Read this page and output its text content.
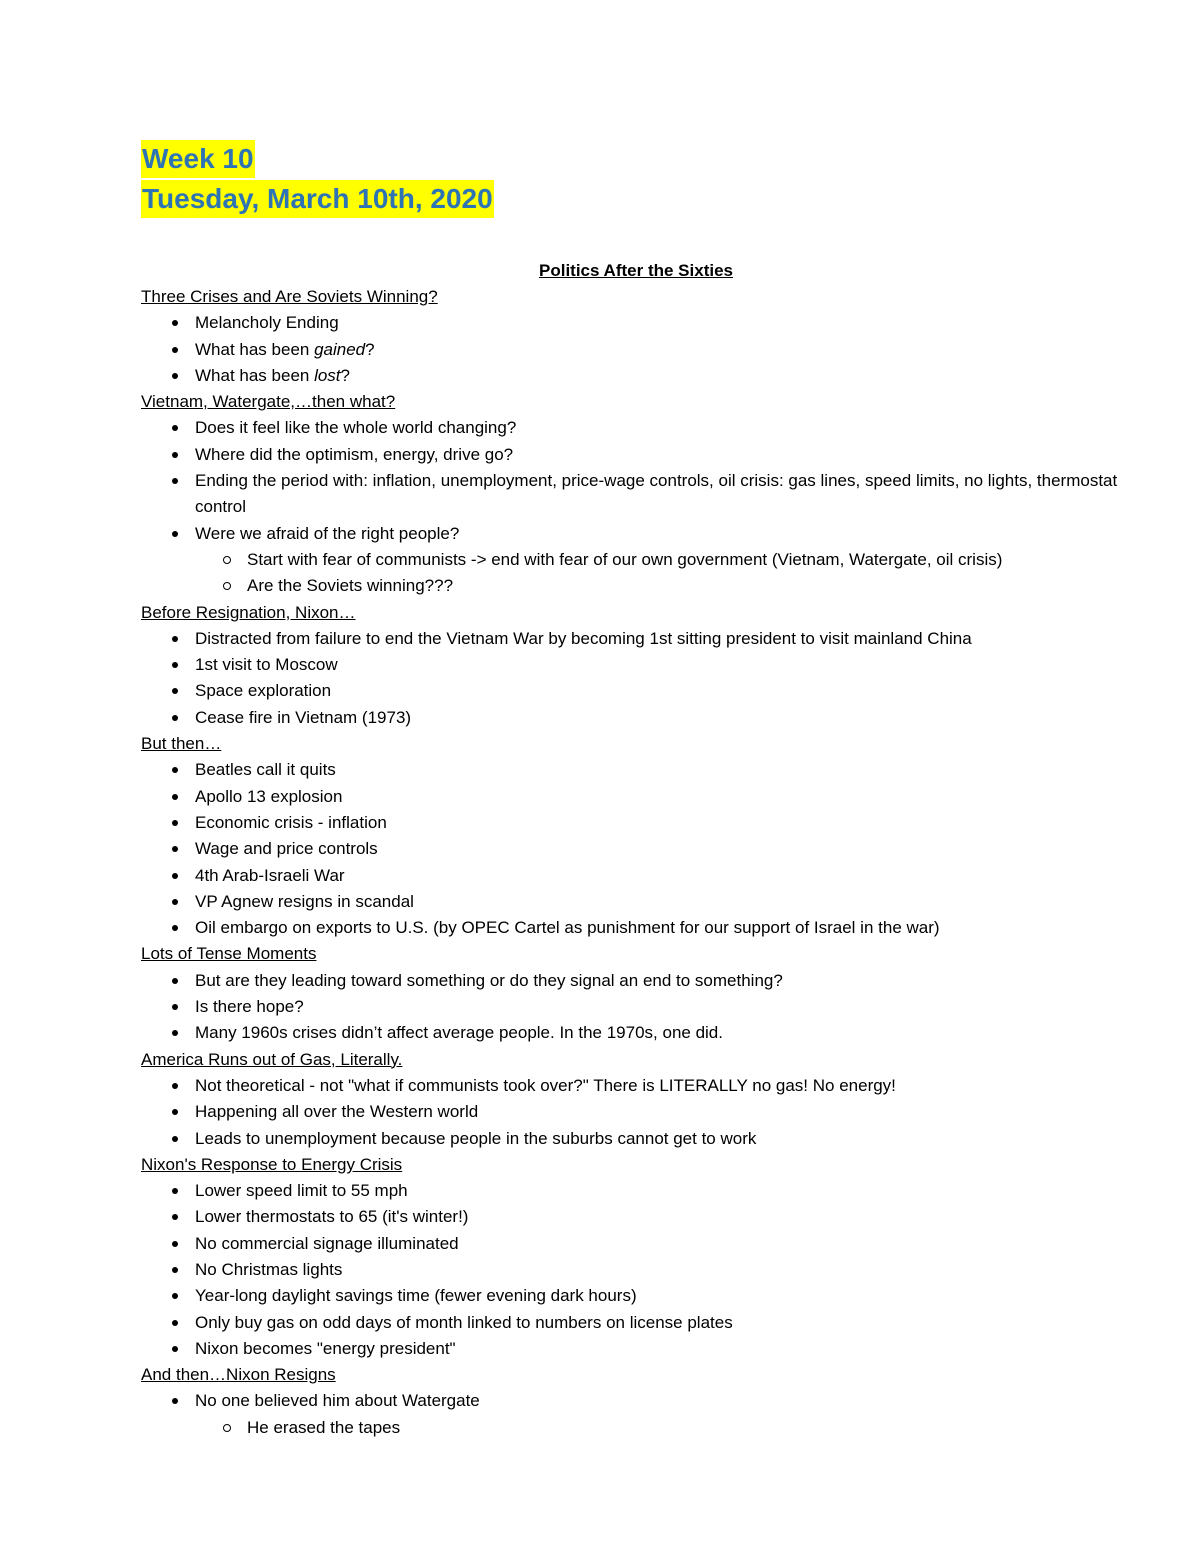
Week 10
Tuesday, March 10th, 2020
Politics After the Sixties
Three Crises and Are Soviets Winning?
Melancholy Ending
What has been gained?
What has been lost?
Vietnam, Watergate,…then what?
Does it feel like the whole world changing?
Where did the optimism, energy, drive go?
Ending the period with: inflation, unemployment, price-wage controls, oil crisis: gas lines, speed limits, no lights, thermostat control
Were we afraid of the right people?
Start with fear of communists -> end with fear of our own government (Vietnam, Watergate, oil crisis)
Are the Soviets winning???
Before Resignation, Nixon…
Distracted from failure to end the Vietnam War by becoming 1st sitting president to visit mainland China
1st visit to Moscow
Space exploration
Cease fire in Vietnam (1973)
But then…
Beatles call it quits
Apollo 13 explosion
Economic crisis - inflation
Wage and price controls
4th Arab-Israeli War
VP Agnew resigns in scandal
Oil embargo on exports to U.S. (by OPEC Cartel as punishment for our support of Israel in the war)
Lots of Tense Moments
But are they leading toward something or do they signal an end to something?
Is there hope?
Many 1960s crises didn’t affect average people. In the 1970s, one did.
America Runs out of Gas, Literally.
Not theoretical - not "what if communists took over?" There is LITERALLY no gas! No energy!
Happening all over the Western world
Leads to unemployment because people in the suburbs cannot get to work
Nixon's Response to Energy Crisis
Lower speed limit to 55 mph
Lower thermostats to 65 (it's winter!)
No commercial signage illuminated
No Christmas lights
Year-long daylight savings time (fewer evening dark hours)
Only buy gas on odd days of month linked to numbers on license plates
Nixon becomes "energy president"
And then…Nixon Resigns
No one believed him about Watergate
He erased the tapes
